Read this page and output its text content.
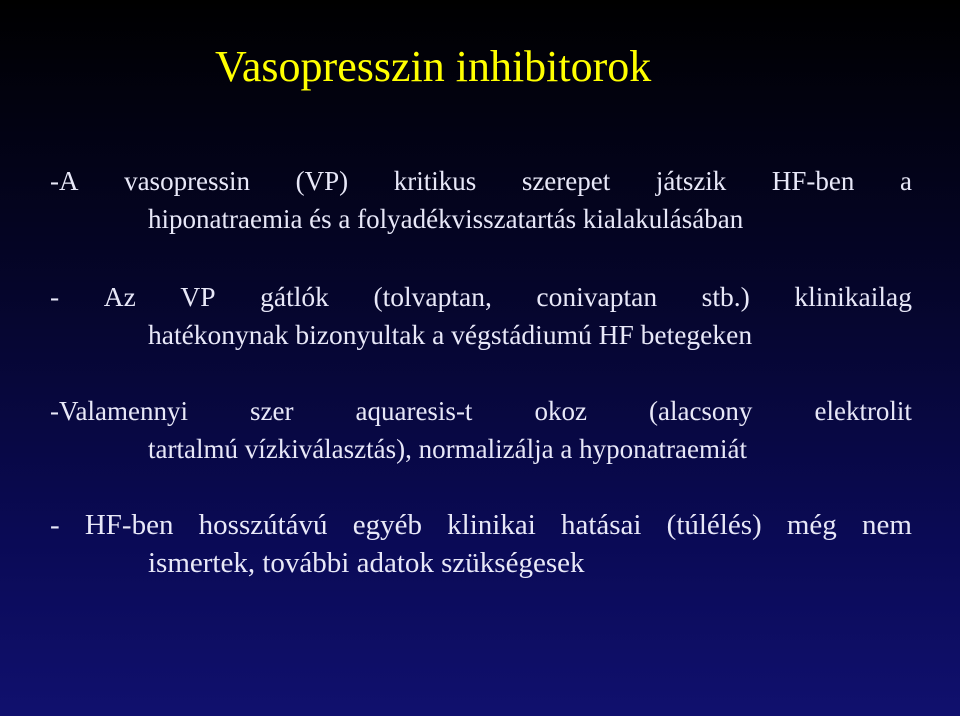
Vasopresszin inhibitorok
-A vasopressin (VP) kritikus szerepet játszik HF-ben a
hiponatraemia és a folyadékvisszatartás kialakulásában
- Az VP gátlók (tolvaptan, conivaptan stb.) klinikailag
hatékonynak bizonyultak a végstádiumú HF betegeken
-Valamennyi szer aquaresis-t okoz (alacsony elektrolit
tartalmú vízkiválasztás), normalizálja a hyponatraemiát
- HF-ben hosszútávú egyéb klinikai hatásai (túlélés) még nem
ismertek, további adatok szükségesek
